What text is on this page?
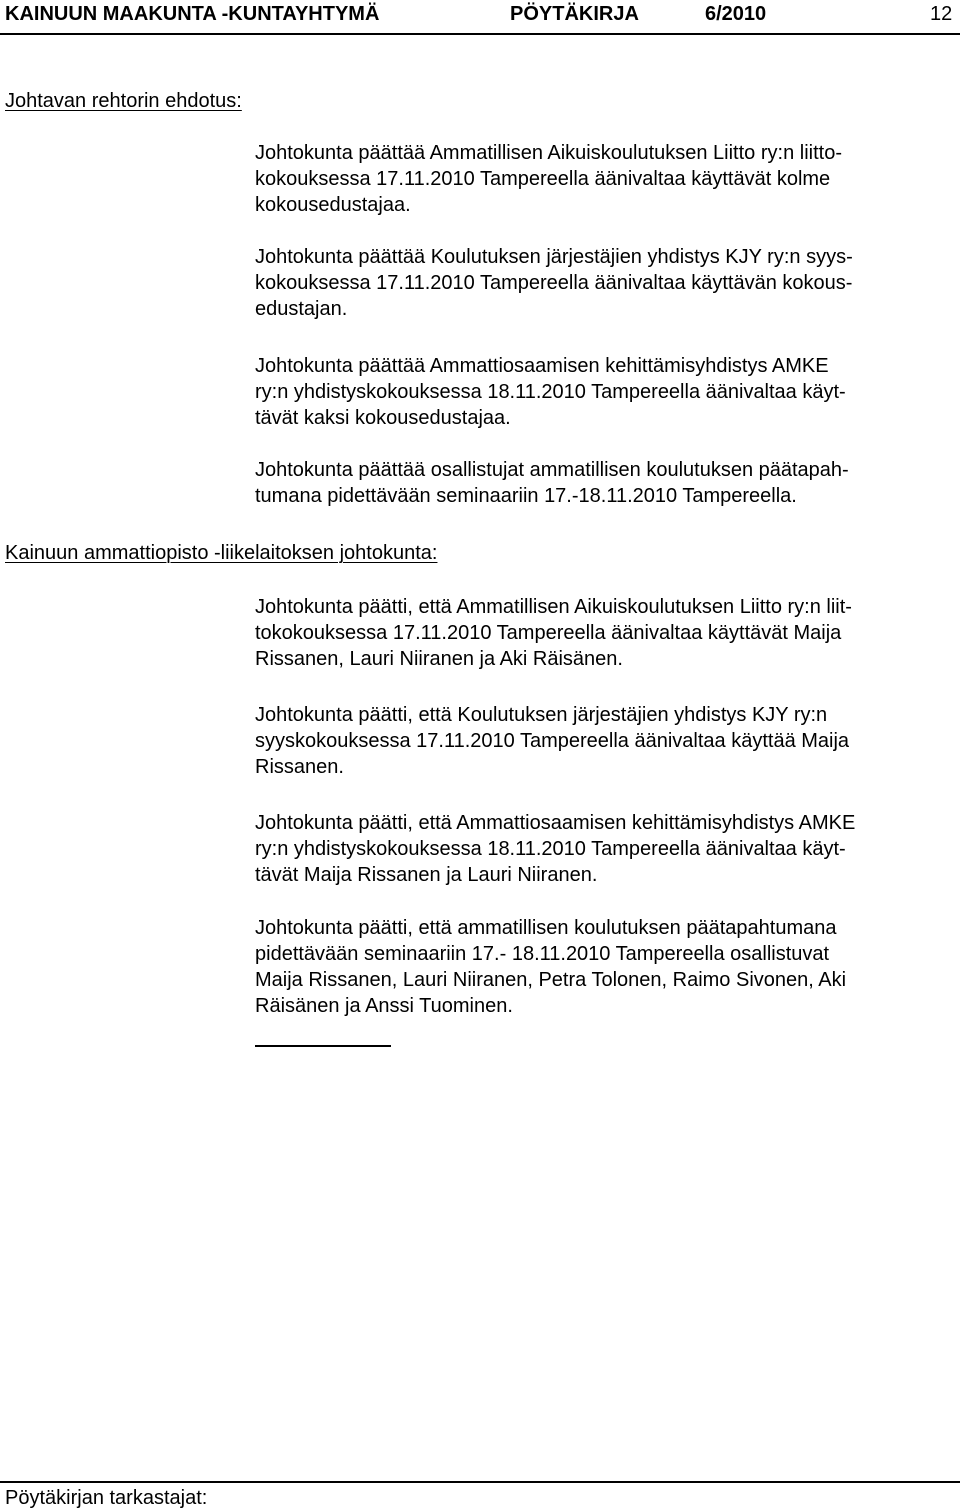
KAINUUN MAAKUNTA -KUNTAYHTYMÄ	PÖYTÄKIRJA	6/2010	12
Johtavan rehtorin ehdotus:
Johtokunta päättää Ammatillisen Aikuiskoulutuksen Liitto ry:n liitto-
kokouksessa 17.11.2010 Tampereella äänivaltaa käyttävät kolme
kokousedustajaa.
Johtokunta päättää Koulutuksen järjestäjien yhdistys KJY ry:n syys-
kokouksessa 17.11.2010 Tampereella äänivaltaa käyttävän kokous-
edustajan.
Johtokunta päättää Ammattiosaamisen kehittämisyhdistys AMKE
ry:n yhdistyskokouksessa 18.11.2010 Tampereella äänivaltaa käyt-
tävät kaksi kokousedustajaa.
Johtokunta päättää osallistujat ammatillisen koulutuksen päätapah-
tumana pidettävään seminaariin 17.-18.11.2010 Tampereella.
Kainuun ammattiopisto -liikelaitoksen johtokunta:
Johtokunta päätti, että Ammatillisen Aikuiskoulutuksen Liitto ry:n liit-
tokokouksessa 17.11.2010 Tampereella äänivaltaa käyttävät Maija
Rissanen, Lauri Niiranen ja Aki Räisänen.
Johtokunta päätti, että Koulutuksen järjestäjien yhdistys KJY ry:n
syyskokouksessa 17.11.2010 Tampereella äänivaltaa käyttää Maija
Rissanen.
Johtokunta päätti, että Ammattiosaamisen kehittämisyhdistys AMKE
ry:n yhdistyskokouksessa 18.11.2010 Tampereella äänivaltaa käyt-
tävät Maija Rissanen ja Lauri Niiranen.
Johtokunta päätti, että ammatillisen koulutuksen päätapahtumana
pidettävään seminaariin 17.- 18.11.2010 Tampereella osallistuvat
Maija Rissanen, Lauri Niiranen, Petra Tolonen, Raimo Sivonen, Aki
Räisänen ja Anssi Tuominen.
Pöytäkirjan tarkastajat:
